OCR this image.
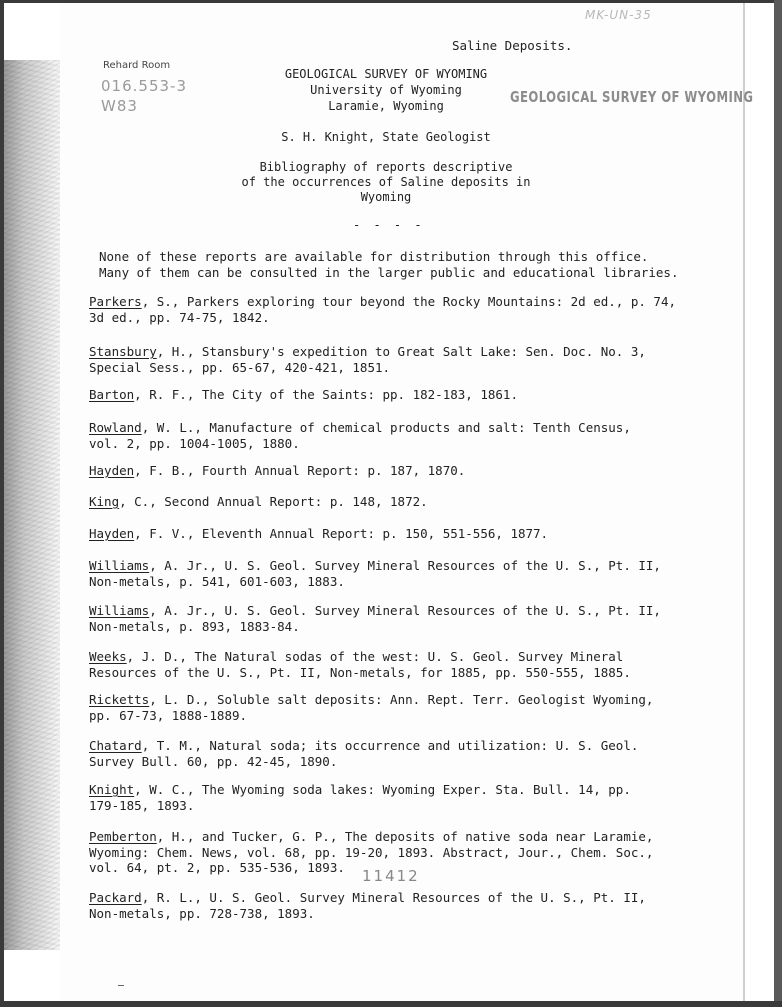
MK-UN-35
Saline Deposits.
Rehard Room
016.553-3
W83
GEOLOGICAL SURVEY OF WYOMING
University of Wyoming
Laramie, Wyoming	GEOLOGICAL SURVEY OF WYOMING
S. H. Knight, State Geologist
Bibliography of reports descriptive
of the occurrences of Saline deposits in
Wyoming
- - - -
None of these reports are available for distribution through this office.
Many of them can be consulted in the larger public and educational libraries.
Parkers, S., Parkers exploring tour beyond the Rocky Mountains: 2d ed., p. 74,
3d ed., pp. 74-75, 1842.
Stansbury, H., Stansbury's expedition to Great Salt Lake: Sen. Doc. No. 3,
Special Sess., pp. 65-67, 420-421, 1851.
Barton, R. F., The City of the Saints: pp. 182-183, 1861.
Rowland, W. L., Manufacture of chemical products and salt: Tenth Census,
vol. 2, pp. 1004-1005, 1880.
Hayden, F. B., Fourth Annual Report: p. 187, 1870.
King, C., Second Annual Report: p. 148, 1872.
Hayden, F. V., Eleventh Annual Report: p. 150, 551-556, 1877.
Williams, A. Jr., U. S. Geol. Survey Mineral Resources of the U. S., Pt. II,
Non-metals, p. 541, 601-603, 1883.
Williams, A. Jr., U. S. Geol. Survey Mineral Resources of the U. S., Pt. II,
Non-metals, p. 893, 1883-84.
Weeks, J. D., The Natural sodas of the west: U. S. Geol. Survey Mineral
Resources of the U. S., Pt. II, Non-metals, for 1885, pp. 550-555, 1885.
Ricketts, L. D., Soluble salt deposits: Ann. Rept. Terr. Geologist Wyoming,
pp. 67-73, 1888-1889.
Chatard, T. M., Natural soda; its occurrence and utilization: U. S. Geol.
Survey Bull. 60, pp. 42-45, 1890.
Knight, W. C., The Wyoming soda lakes: Wyoming Exper. Sta. Bull. 14, pp.
179-185, 1893.
Pemberton, H., and Tucker, G. P., The deposits of native soda near Laramie,
Wyoming: Chem. News, vol. 68, pp. 19-20, 1893. Abstract, Jour., Chem. Soc.,
vol. 64, pt. 2, pp. 535-536, 1893.	11412
Packard, R. L., U. S. Geol. Survey Mineral Resources of the U. S., Pt. II,
Non-metals, pp. 728-738, 1893.
